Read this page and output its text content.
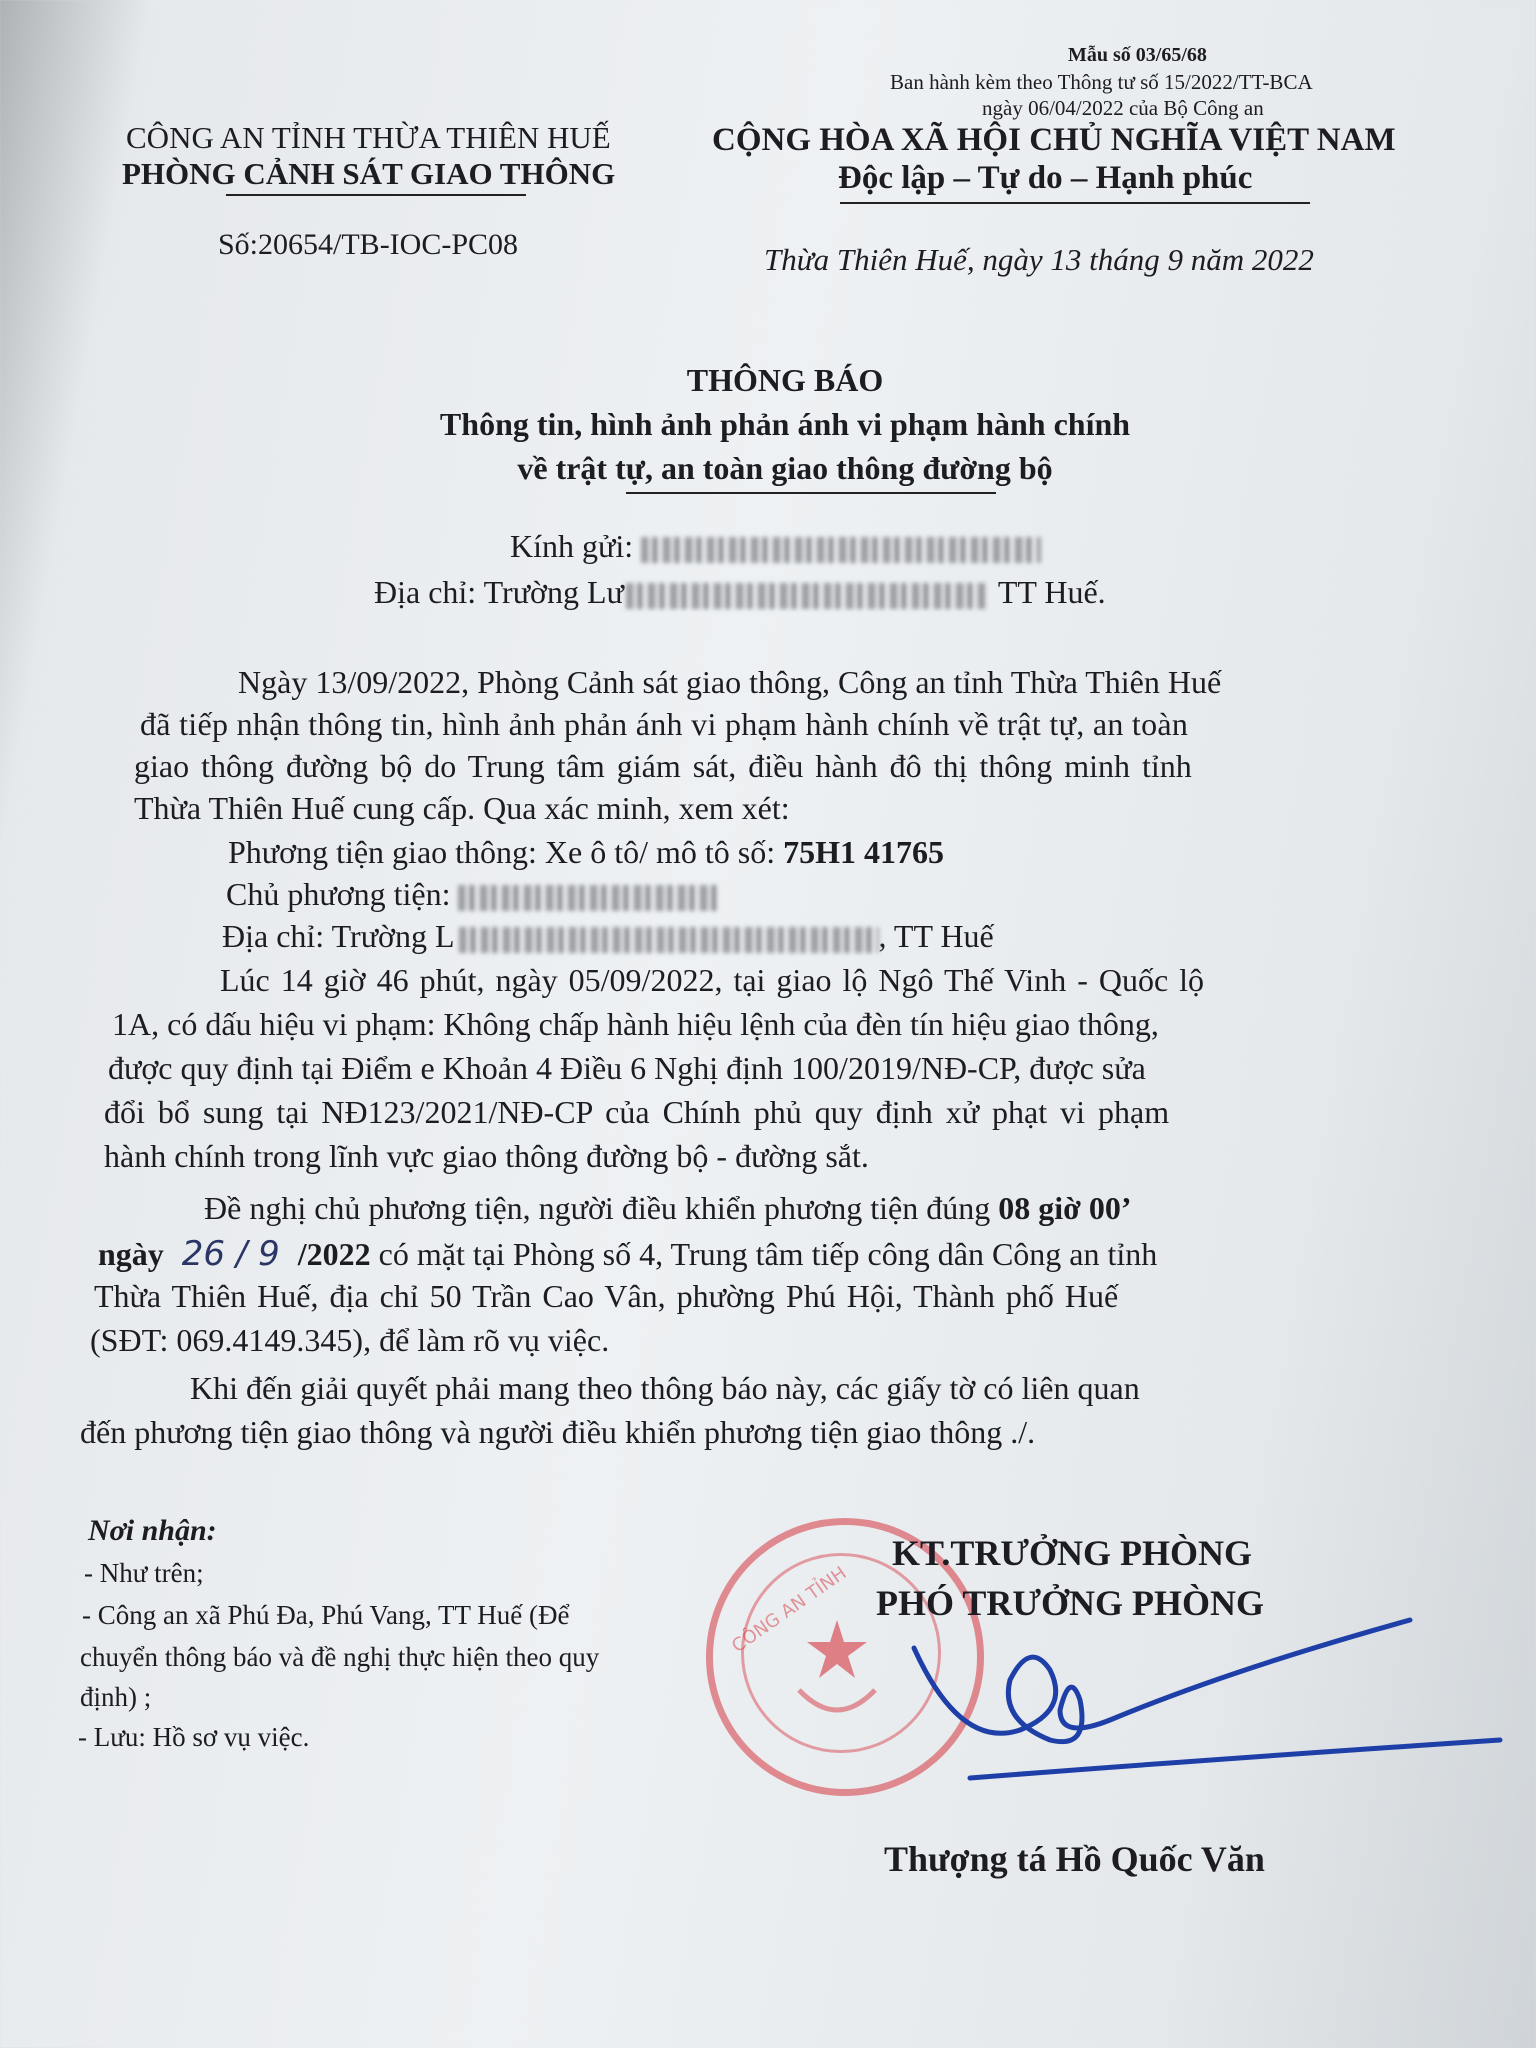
Mẫu số 03/65/68
Ban hành kèm theo Thông tư số 15/2022/TT-BCA
ngày 06/04/2022 của Bộ Công an
CÔNG AN TỈNH THỪA THIÊN HUẾ
PHÒNG CẢNH SÁT GIAO THÔNG
Số:20654/TB-IOC-PC08
CỘNG HÒA XÃ HỘI CHỦ NGHĨA VIỆT NAM
Độc lập – Tự do – Hạnh phúc
Thừa Thiên Huế, ngày 13 tháng 9 năm 2022
THÔNG BÁO
Thông tin, hình ảnh phản ánh vi phạm hành chính
về trật tự, an toàn giao thông đường bộ
Kính gửi:
Địa chỉ: Trường Lư	TT Huế.
Ngày 13/09/2022, Phòng Cảnh sát giao thông, Công an tỉnh Thừa Thiên Huế
đã tiếp nhận thông tin, hình ảnh phản ánh vi phạm hành chính về trật tự, an toàn
giao thông đường bộ do Trung tâm giám sát, điều hành đô thị thông minh tỉnh
Thừa Thiên Huế cung cấp. Qua xác minh, xem xét:
Phương tiện giao thông: Xe ô tô/ mô tô số: 75H1 41765
Chủ phương tiện:
Địa chỉ: Trường L	, TT Huế
Lúc 14 giờ 46 phút, ngày 05/09/2022, tại giao lộ Ngô Thế Vinh - Quốc lộ
1A, có dấu hiệu vi phạm: Không chấp hành hiệu lệnh của đèn tín hiệu giao thông,
được quy định tại Điểm e Khoản 4 Điều 6 Nghị định 100/2019/NĐ-CP, được sửa
đổi bổ sung tại NĐ123/2021/NĐ-CP của Chính phủ quy định xử phạt vi phạm
hành chính trong lĩnh vực giao thông đường bộ - đường sắt.
Đề nghị chủ phương tiện, người điều khiển phương tiện đúng 08 giờ 00’
ngày 26 / 9 /2022 có mặt tại Phòng số 4, Trung tâm tiếp công dân Công an tỉnh
Thừa Thiên Huế, địa chỉ 50 Trần Cao Vân, phường Phú Hội, Thành phố Huế
(SĐT: 069.4149.345), để làm rõ vụ việc.
Khi đến giải quyết phải mang theo thông báo này, các giấy tờ có liên quan
đến phương tiện giao thông và người điều khiển phương tiện giao thông ./.
Nơi nhận:
- Như trên;
- Công an xã Phú Đa, Phú Vang, TT Huế (Để
chuyển thông báo và đề nghị thực hiện theo quy
định) ;
- Lưu: Hồ sơ vụ việc.
CÔNG AN TỈNH
KT.TRƯỞNG PHÒNG
PHÓ TRƯỞNG PHÒNG
Thượng tá Hồ Quốc Văn
